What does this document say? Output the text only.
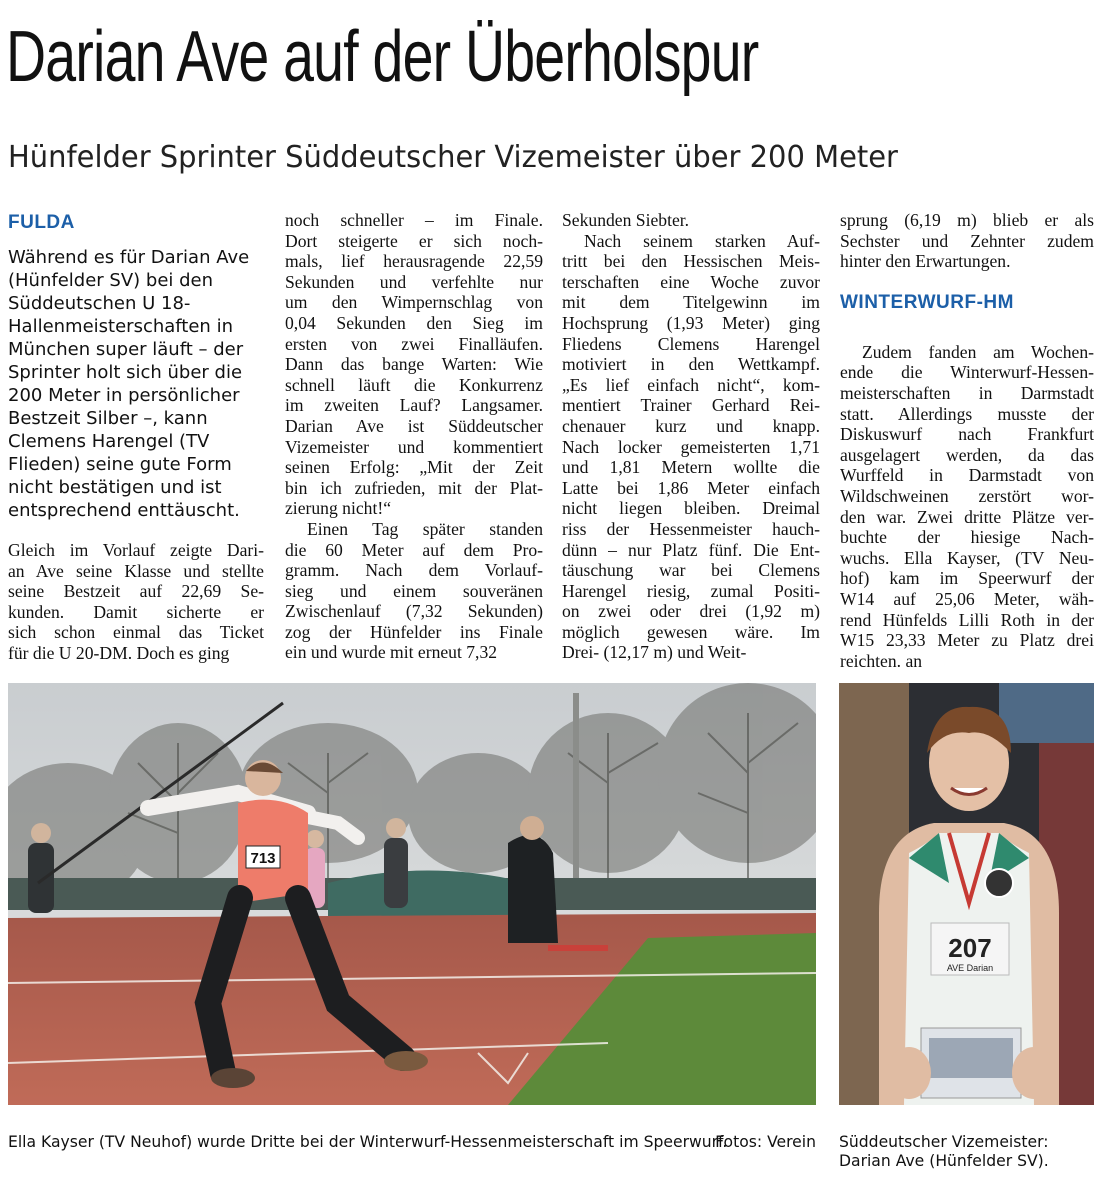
Darian Ave auf der Überholspur
Hünfelder Sprinter Süddeutscher Vizemeister über 200 Meter
FULDA

Während es für Darian Ave (Hünfelder SV) bei den Süddeutschen U 18-Hallenmeisterschaften in München super läuft – der Sprinter holt sich über die 200 Meter in persönlicher Bestzeit Silber –, kann Clemens Harengel (TV Flieden) seine gute Form nicht bestätigen und ist entsprechend enttäuscht.

Gleich im Vorlauf zeigte Dari-
an Ave seine Klasse und stellte
seine Bestzeit auf 22,69 Se-
kunden. Damit sicherte er
sich schon einmal das Ticket
für die U 20-DM. Doch es ging
noch schneller – im Finale.
Dort steigerte er sich noch-
mals, lief herausragende 22,59
Sekunden und verfehlte nur
um den Wimpernschlag von
0,04 Sekunden den Sieg im
ersten von zwei Finalläufen.
Dann das bange Warten: Wie
schnell läuft die Konkurrenz
im zweiten Lauf? Langsamer.
Darian Ave ist Süddeutscher
Vizemeister und kommentiert
seinen Erfolg: „Mit der Zeit
bin ich zufrieden, mit der Plat-
zierung nicht!“
Einen Tag später standen
die 60 Meter auf dem Pro-
gramm. Nach dem Vorlauf-
sieg und einem souveränen
Zwischenlauf (7,32 Sekunden)
zog der Hünfelder ins Finale
ein und wurde mit erneut 7,32
Sekunden Siebter.
Nach seinem starken Auf-
tritt bei den Hessischen Meis-
terschaften eine Woche zuvor
mit dem Titelgewinn im
Hochsprung (1,93 Meter) ging
Fliedens Clemens Harengel
motiviert in den Wettkampf.
„Es lief einfach nicht“, kom-
mentiert Trainer Gerhard Rei-
chenauer kurz und knapp.
Nach locker gemeisterten 1,71
und 1,81 Metern wollte die
Latte bei 1,86 Meter einfach
nicht liegen bleiben. Dreimal
riss der Hessenmeister hauch-
dünn – nur Platz fünf. Die Ent-
täuschung war bei Clemens
Harengel riesig, zumal Positi-
on zwei oder drei (1,92 m)
möglich gewesen wäre. Im
Drei- (12,17 m) und Weit-
sprung (6,19 m) blieb er als
Sechster und Zehnter zudem
hinter den Erwartungen.
WINTERWURF-HM
Zudem fanden am Wochen-
ende die Winterwurf-Hessen-
meisterschaften in Darmstadt
statt. Allerdings musste der
Diskuswurf nach Frankfurt
ausgelagert werden, da das
Wurffeld in Darmstadt von
Wildschweinen zerstört wor-
den war. Zwei dritte Plätze ver-
buchte der hiesige Nach-
wuchs. Ella Kayser, (TV Neu-
hof) kam im Speerwurf der
W14 auf 25,06 Meter, wäh-
rend Hünfelds Lilli Roth in der
W15 23,33 Meter zu Platz drei
reichten. an
713
207
AVE Darian
Ella Kayser (TV Neuhof) wurde Dritte bei der Winterwurf-Hessenmeisterschaft im Speerwurf.
Fotos: Verein Süddeutscher Vizemeister: Darian Ave (Hünfelder SV).
